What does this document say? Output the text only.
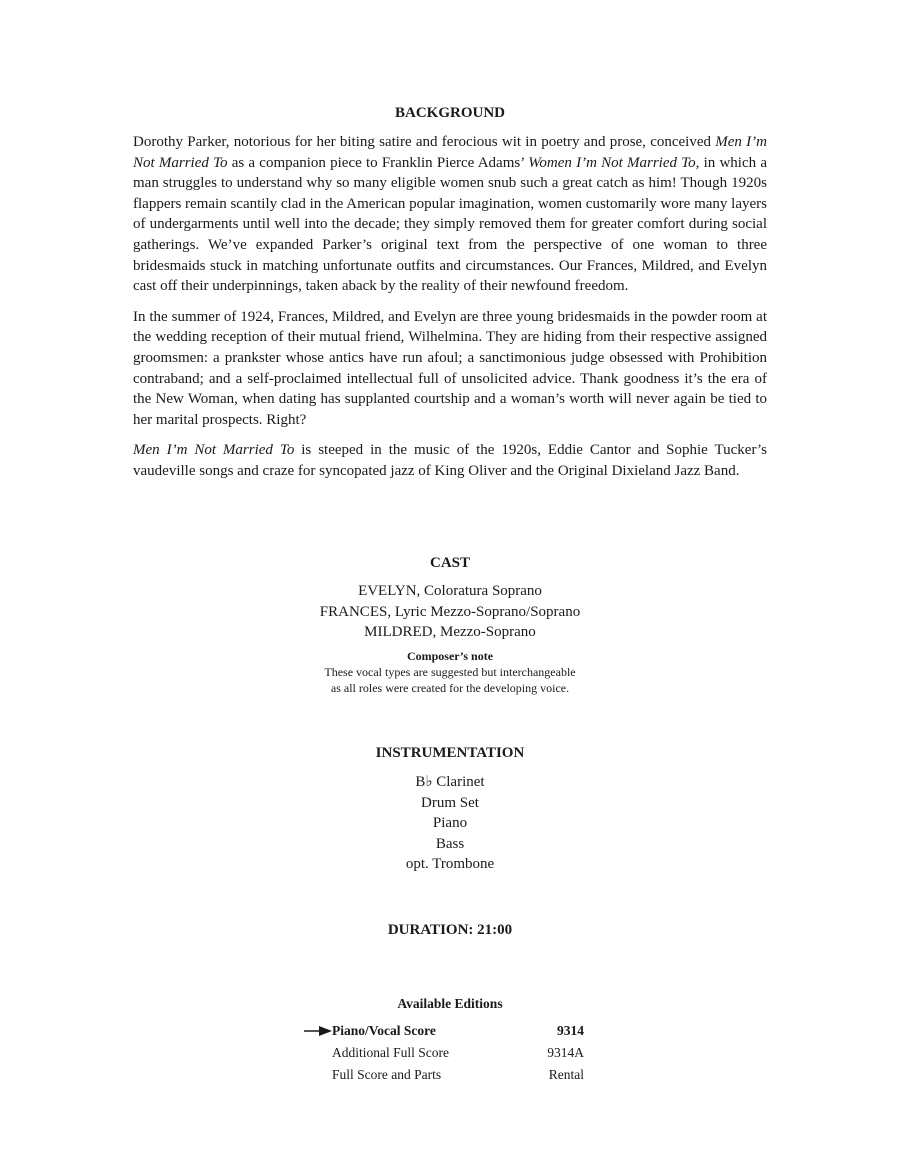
BACKGROUND

Dorothy Parker, notorious for her biting satire and ferocious wit in poetry and prose, conceived Men I’m Not Married To as a companion piece to Franklin Pierce Adams’ Women I’m Not Married To, in which a man struggles to understand why so many eligible women snub such a great catch as him! Though 1920s flappers remain scantily clad in the American popular imagination, women customarily wore many layers of undergarments until well into the decade; they simply removed them for greater comfort during social gatherings. We’ve expanded Parker’s original text from the perspective of one woman to three bridesmaids stuck in matching unfortunate outfits and circumstances. Our Frances, Mildred, and Evelyn cast off their underpinnings, taken aback by the reality of their newfound freedom.

In the summer of 1924, Frances, Mildred, and Evelyn are three young bridesmaids in the powder room at the wedding reception of their mutual friend, Wilhelmina. They are hiding from their respective assigned groomsmen: a prankster whose antics have run afoul; a sanctimonious judge obsessed with Prohibition contraband; and a self-proclaimed intellectual full of unsolicited advice. Thank goodness it’s the era of the New Woman, when dating has supplanted courtship and a woman’s worth will never again be tied to her marital prospects. Right?

Men I’m Not Married To is steeped in the music of the 1920s, Eddie Cantor and Sophie Tucker’s vaudeville songs and craze for syncopated jazz of King Oliver and the Original Dixieland Jazz Band.

CAST

EVELYN, Coloratura Soprano

FRANCES, Lyric Mezzo-Soprano/Soprano

MILDRED, Mezzo-Soprano

Composer’s note

These vocal types are suggested but interchangeable

as all roles were created for the developing voice.

INSTRUMENTATION

B♭ Clarinet

Drum Set

Piano

Bass

opt. Trombone

DURATION: 21:00
Available Editions
Piano/Vocal Score	9314
Additional Full Score	9314A
Full Score and Parts	Rental
